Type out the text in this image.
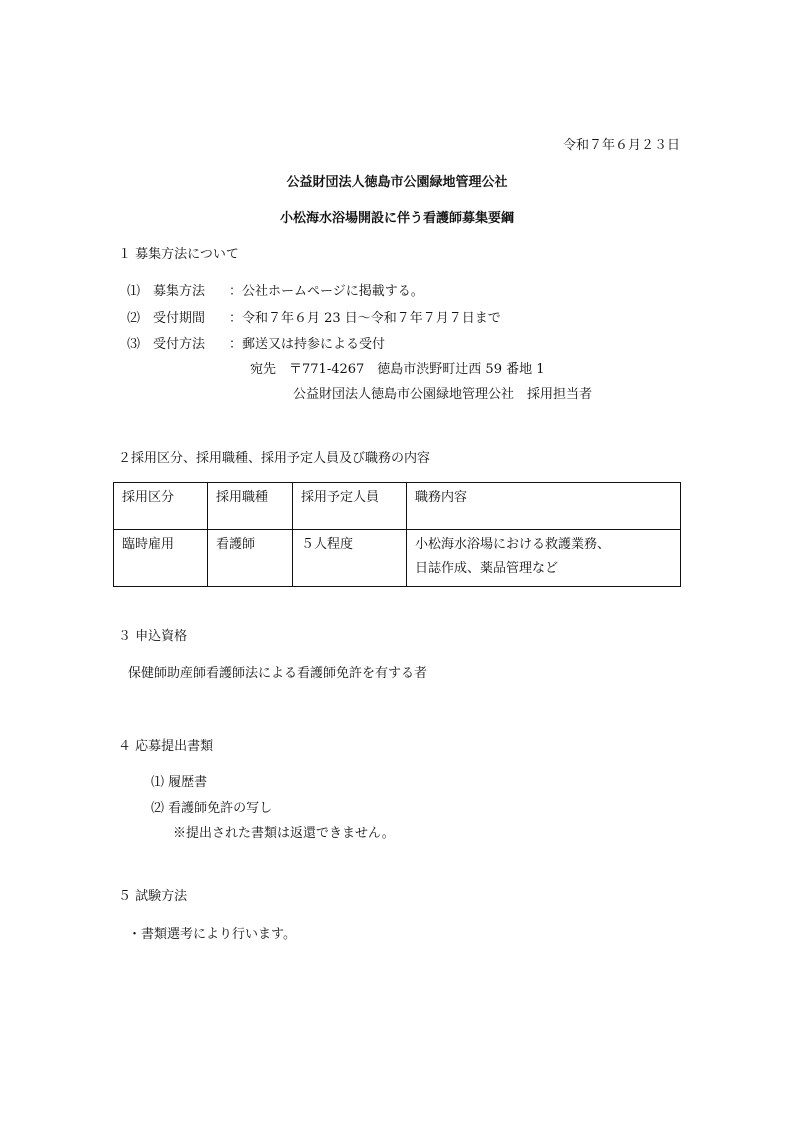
令和７年６月２３日
公益財団法人徳島市公園緑地管理公社
小松海水浴場開設に伴う看護師募集要綱
１ 募集方法について
⑴ 募集方法 ：公社ホームページに掲載する。
⑵ 受付期間 ：令和７年６月 23 日～令和７年７月７日まで
⑶ 受付方法 ：郵送又は持参による受付
宛先　〒771-4267　徳島市渋野町辻西 59 番地 1
公益財団法人徳島市公園緑地管理公社　採用担当者
２採用区分、採用職種、採用予定人員及び職務の内容
採用区分	採用職種	採用予定人員	職務内容
臨時雇用	看護師	５人程度	小松海水浴場における救護業務、
日誌作成、薬品管理など
３ 申込資格
保健師助産師看護師法による看護師免許を有する者
４ 応募提出書類
⑴ 履歴書
⑵ 看護師免許の写し
※提出された書類は返還できません。
５ 試験方法
・書類選考により行います。
